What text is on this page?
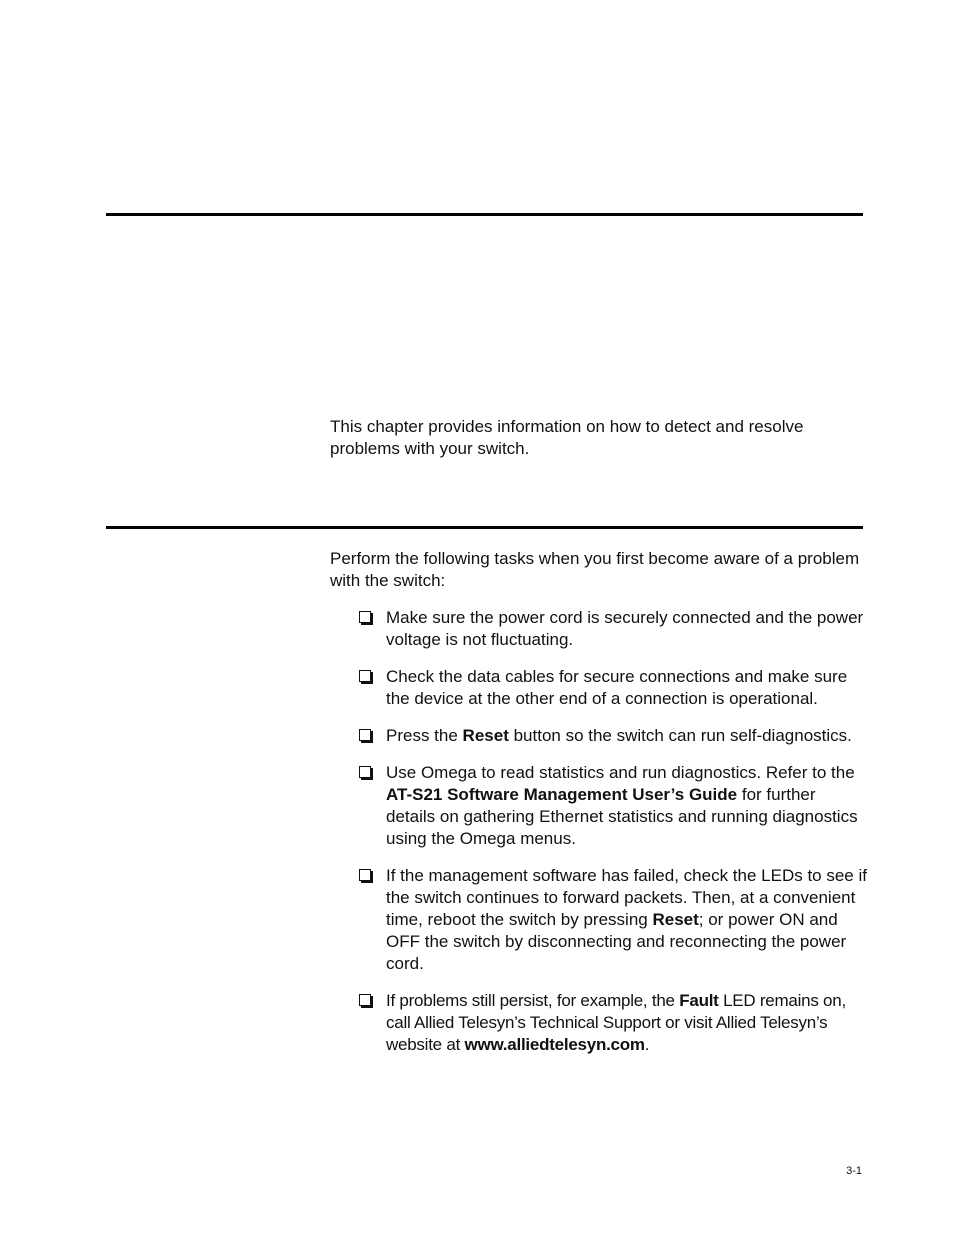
This chapter provides information on how to detect and resolve problems with your switch.

Perform the following tasks when you first become aware of a problem with the switch:

Make sure the power cord is securely connected and the power voltage is not fluctuating.
Check the data cables for secure connections and make sure the device at the other end of a connection is operational.
Press the Reset button so the switch can run self-diagnostics.
Use Omega to read statistics and run diagnostics. Refer to the AT-S21 Software Management User’s Guide for further details on gathering Ethernet statistics and running diagnostics using the Omega menus.
If the management software has failed, check the LEDs to see if the switch continues to forward packets. Then, at a convenient time, reboot the switch by pressing Reset; or power ON and OFF the switch by disconnecting and reconnecting the power cord.
If problems still persist, for example, the Fault LED remains on, call Allied Telesyn’s Technical Support or visit Allied Telesyn’s website at www.alliedtelesyn.com.
3-1
